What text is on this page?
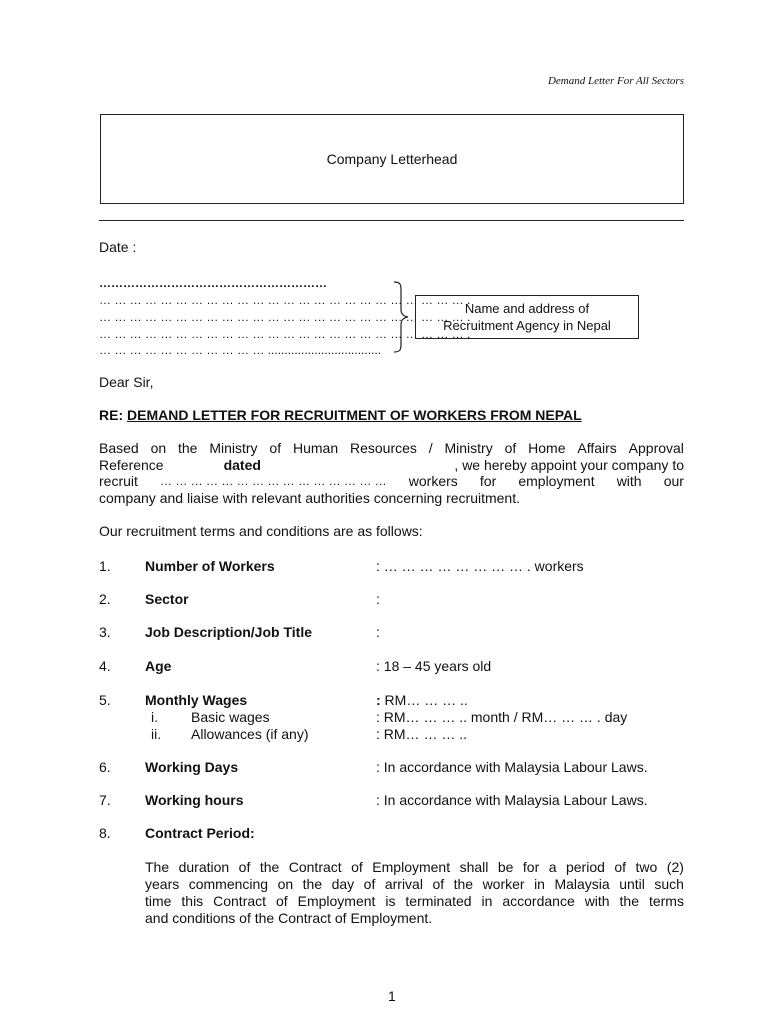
Demand Letter For All Sectors
Company Letterhead
Date :
…………………………………………………
… … … … … … … … … … … … … … … … … … … … … … … … .
… … … … … … … … … … … … … … … … … … … … … … … … .
… … … … … … … … … … … … … … … … … … … … … … … … .
… … … … … … … … … … … ..................................
Name and address of
Recruitment Agency in Nepal
Dear Sir,
RE: DEMAND LETTER FOR RECRUITMENT OF WORKERS FROM NEPAL
Based on the Ministry of Human Resources / Ministry of Home Affairs Approval
Reference	dated	, we hereby appoint your company to
recruit … … … … … … … … … … … … … … … workers for employment with our
company and liaise with relevant authorities concerning recruitment.
Our recruitment terms and conditions are as follows:
1. Number of Workers	: … … … … … … … … . workers
2. Sector	:
3. Job Description/Job Title	:
4. Age	: 18 – 45 years old
5. Monthly Wages	: RM… … … ..
i. Basic wages	: RM… … … .. month / RM… … … . day
ii. Allowances (if any)	: RM… … … ..
6. Working Days	: In accordance with Malaysia Labour Laws.
7. Working hours	: In accordance with Malaysia Labour Laws.
8. Contract Period:
The duration of the Contract of Employment shall be for a period of two (2)
years commencing on the day of arrival of the worker in Malaysia until such
time this Contract of Employment is terminated in accordance with the terms
and conditions of the Contract of Employment.
1
